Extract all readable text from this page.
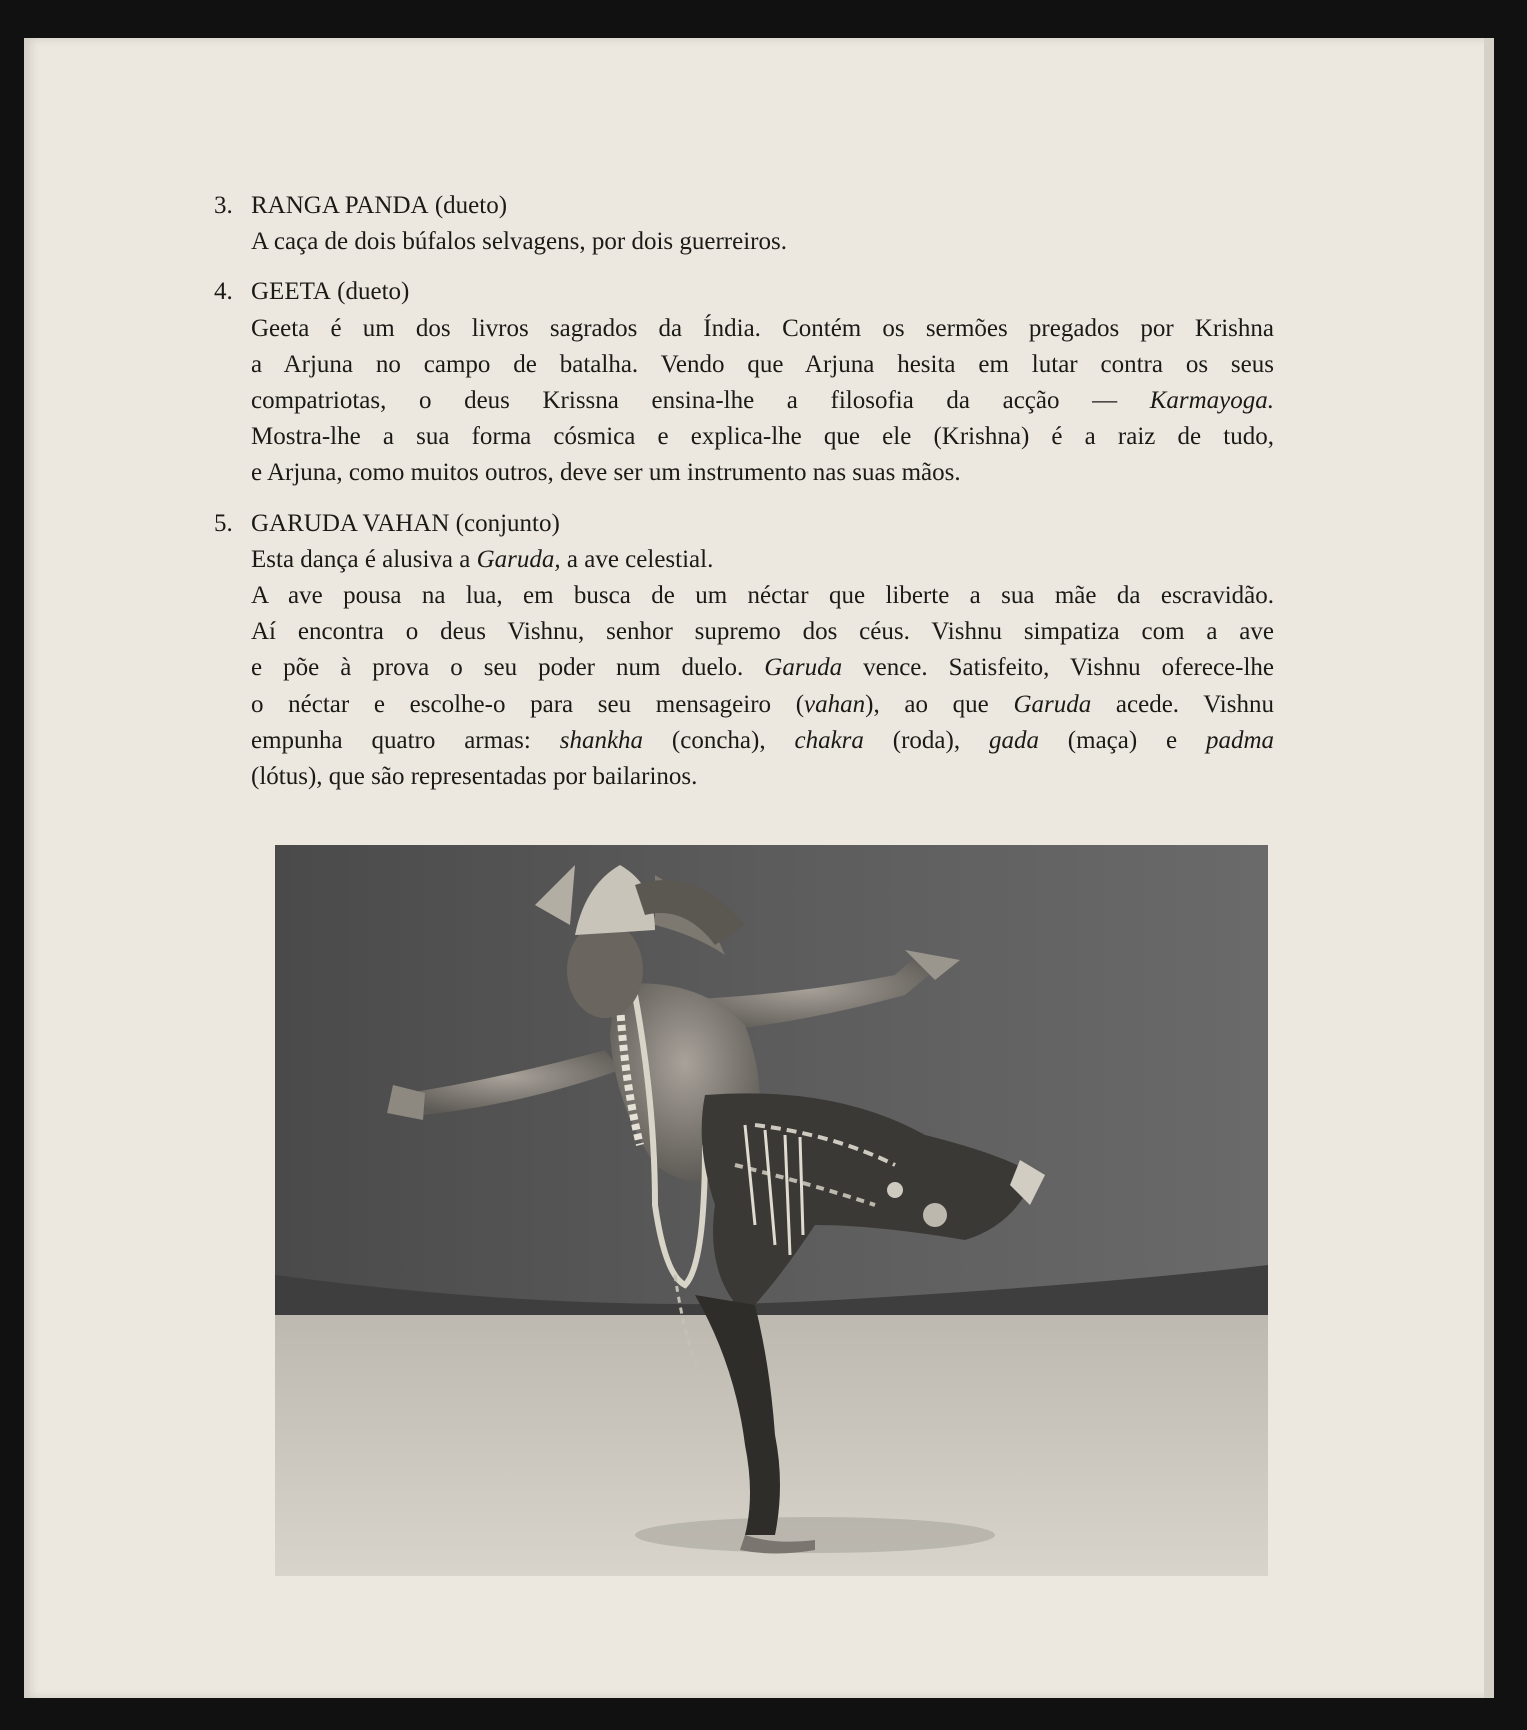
3. RANGA PANDA
(dueto)
A caça de dois búfalos selvagens, por dois guerreiros.
4. GEETA
(dueto)
Geeta é um dos livros sagrados da Índia. Contém os sermões pregados por Krishna
a Arjuna no campo de batalha. Vendo que Arjuna hesita em lutar contra os seus
compatriotas, o deus Krissna ensina-lhe a filosofia da acção — Karmayoga.
Mostra-lhe a sua forma cósmica e explica-lhe que ele (Krishna) é a raiz de tudo,
e Arjuna, como muitos outros, deve ser um instrumento nas suas mãos.
5. GARUDA VAHAN
(conjunto)
Esta dança é alusiva a Garuda, a ave celestial.
A ave pousa na lua, em busca de um néctar que liberte a sua mãe da escravidão.
Aí encontra o deus Vishnu, senhor supremo dos céus. Vishnu simpatiza com a ave
e põe à prova o seu poder num duelo. Garuda vence. Satisfeito, Vishnu oferece-lhe
o néctar e escolhe-o para seu mensageiro (vahan), ao que Garuda acede. Vishnu
empunha quatro armas: shankha (concha), chakra (roda), gada (maça) e padma
(lótus), que são representadas por bailarinos.
